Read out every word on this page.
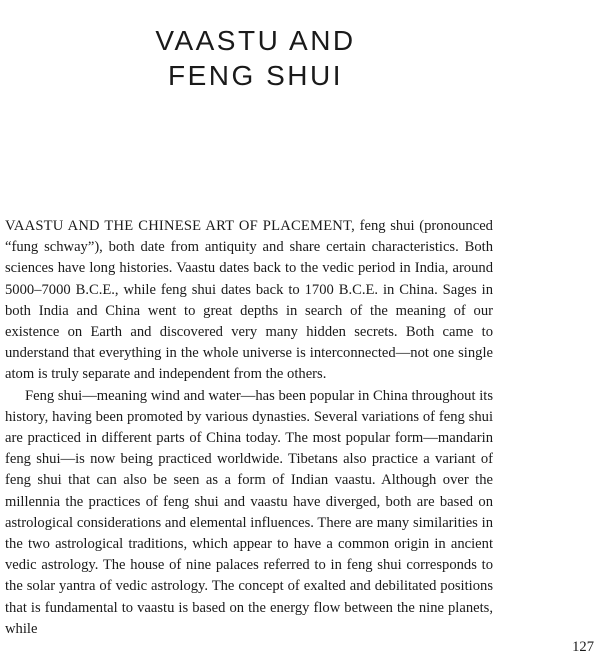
VAASTU AND
FENG SHUI

VAASTU AND THE CHINESE ART OF PLACEMENT, feng shui (pronounced “fung schway”), both date from antiquity and share certain characteristics. Both sciences have long histories. Vaastu dates back to the vedic period in India, around 5000–7000 B.C.E., while feng shui dates back to 1700 B.C.E. in China. Sages in both India and China went to great depths in search of the meaning of our existence on Earth and discovered very many hidden secrets. Both came to understand that everything in the whole universe is interconnected—not one single atom is truly separate and independent from the others.

Feng shui—meaning wind and water—has been popular in China throughout its history, having been promoted by various dynasties. Several variations of feng shui are practiced in different parts of China today. The most popular form—mandarin feng shui—is now being practiced worldwide. Tibetans also practice a variant of feng shui that can also be seen as a form of Indian vaastu. Although over the millennia the practices of feng shui and vaastu have diverged, both are based on astrological considerations and elemental influences. There are many similarities in the two astrological traditions, which appear to have a common origin in ancient vedic astrology. The house of nine palaces referred to in feng shui corresponds to the solar yantra of vedic astrology. The concept of exalted and debilitated positions that is fundamental to vaastu is based on the energy flow between the nine planets, while

127
